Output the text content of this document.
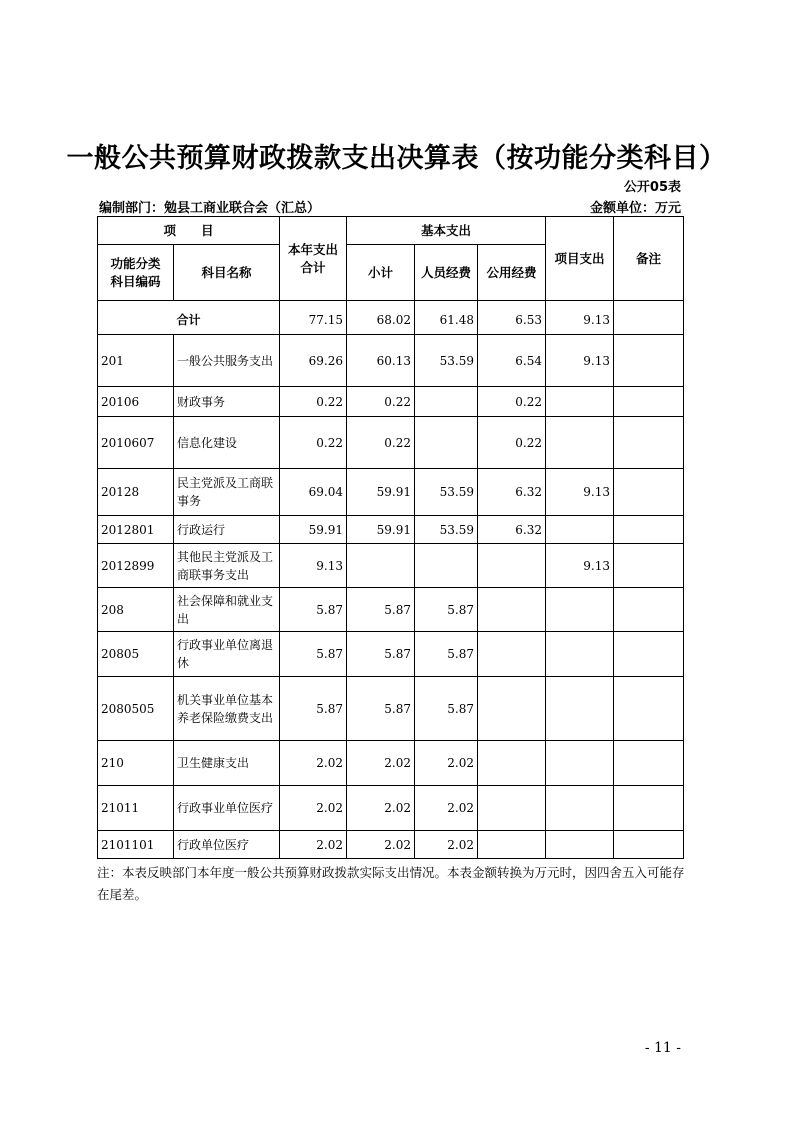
一般公共预算财政拨款支出决算表（按功能分类科目）
公开05表
编制部门：勉县工商业联合会（汇总）	金额单位：万元
项　　目		本年支出合计	基本支出			项目支出	备注
功能分类科目编码	科目名称		小计	人员经费	公用经费		

合计		77.15	68.02	61.48	6.53	9.13	
201	一般公共服务支出	69.26	60.13	53.59	6.54	9.13	
20106	财政事务	0.22	0.22		0.22		
2010607	信息化建设	0.22	0.22		0.22		
20128	民主党派及工商联事务	69.04	59.91	53.59	6.32	9.13	
2012801	行政运行	59.91	59.91	53.59	6.32		
2012899	其他民主党派及工商联事务支出	9.13				9.13	
208	社会保障和就业支出	5.87	5.87	5.87			
20805	行政事业单位离退休	5.87	5.87	5.87			
2080505	机关事业单位基本养老保险缴费支出	5.87	5.87	5.87			
210	卫生健康支出	2.02	2.02	2.02			
21011	行政事业单位医疗	2.02	2.02	2.02			
2101101	行政单位医疗	2.02	2.02	2.02			
注：本表反映部门本年度一般公共预算财政拨款实际支出情况。本表金额转换为万元时，因四舍五入可能存在尾差。
- 11 -
